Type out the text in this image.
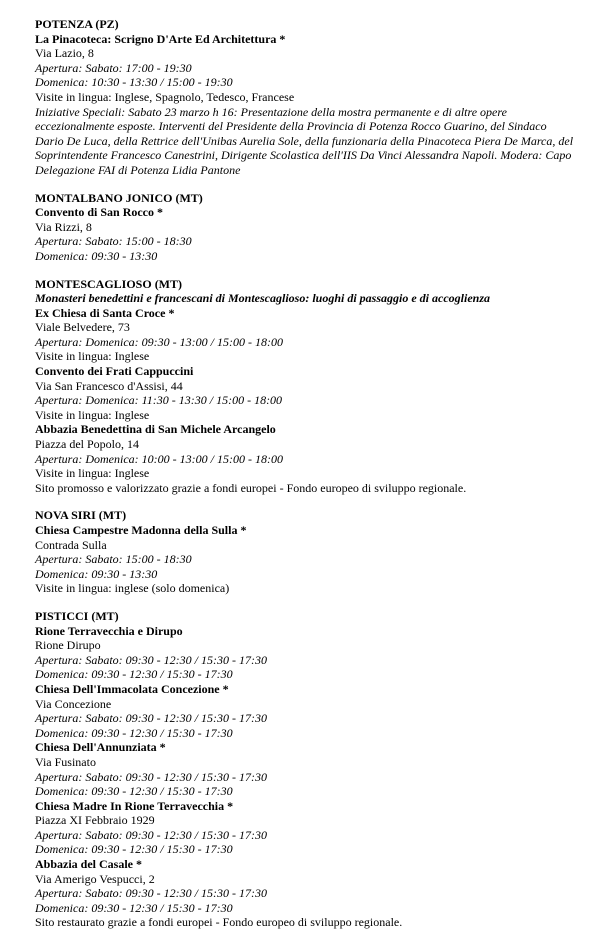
POTENZA (PZ)
La Pinacoteca: Scrigno D'Arte Ed Architettura *
Via Lazio, 8
Apertura: Sabato: 17:00 - 19:30
Domenica: 10:30 - 13:30 / 15:00 - 19:30
Visite in lingua: Inglese, Spagnolo, Tedesco, Francese
Iniziative Speciali: Sabato 23 marzo h 16: Presentazione della mostra permanente e di altre opere eccezionalmente esposte. Interventi del Presidente della Provincia di Potenza Rocco Guarino, del Sindaco Dario De Luca, della Rettrice dell'Unibas Aurelia Sole, della funzionaria della Pinacoteca Piera De Marca, del Soprintendente Francesco Canestrini, Dirigente Scolastica dell'IIS Da Vinci Alessandra Napoli. Modera: Capo Delegazione FAI di Potenza Lidia Pantone
MONTALBANO JONICO (MT)
Convento di San Rocco *
Via Rizzi, 8
Apertura: Sabato: 15:00 - 18:30
Domenica: 09:30 - 13:30
MONTESCAGLIOSO (MT)
Monasteri benedettini e francescani di Montescaglioso: luoghi di passaggio e di accoglienza
Ex Chiesa di Santa Croce *
Viale Belvedere, 73
Apertura: Domenica: 09:30 - 13:00 / 15:00 - 18:00
Visite in lingua: Inglese
Convento dei Frati Cappuccini
Via San Francesco d'Assisi, 44
Apertura: Domenica: 11:30 - 13:30 / 15:00 - 18:00
Visite in lingua: Inglese
Abbazia Benedettina di San Michele Arcangelo
Piazza del Popolo, 14
Apertura: Domenica: 10:00 - 13:00 / 15:00 - 18:00
Visite in lingua: Inglese
Sito promosso e valorizzato grazie a fondi europei - Fondo europeo di sviluppo regionale.
NOVA SIRI (MT)
Chiesa Campestre Madonna della Sulla *
Contrada Sulla
Apertura: Sabato: 15:00 - 18:30
Domenica: 09:30 - 13:30
Visite in lingua: inglese (solo domenica)
PISTICCI (MT)
Rione Terravecchia e Dirupo
Rione Dirupo
Apertura: Sabato: 09:30 - 12:30 / 15:30 - 17:30
Domenica: 09:30 - 12:30 / 15:30 - 17:30
Chiesa Dell'Immacolata Concezione *
Via Concezione
Apertura: Sabato: 09:30 - 12:30 / 15:30 - 17:30
Domenica: 09:30 - 12:30 / 15:30 - 17:30
Chiesa Dell'Annunziata *
Via Fusinato
Apertura: Sabato: 09:30 - 12:30 / 15:30 - 17:30
Domenica: 09:30 - 12:30 / 15:30 - 17:30
Chiesa Madre In Rione Terravecchia *
Piazza XI Febbraio 1929
Apertura: Sabato: 09:30 - 12:30 / 15:30 - 17:30
Domenica: 09:30 - 12:30 / 15:30 - 17:30
Abbazia del Casale *
Via Amerigo Vespucci, 2
Apertura: Sabato: 09:30 - 12:30 / 15:30 - 17:30
Domenica: 09:30 - 12:30 / 15:30 - 17:30
Sito restaurato grazie a fondi europei - Fondo europeo di sviluppo regionale.
